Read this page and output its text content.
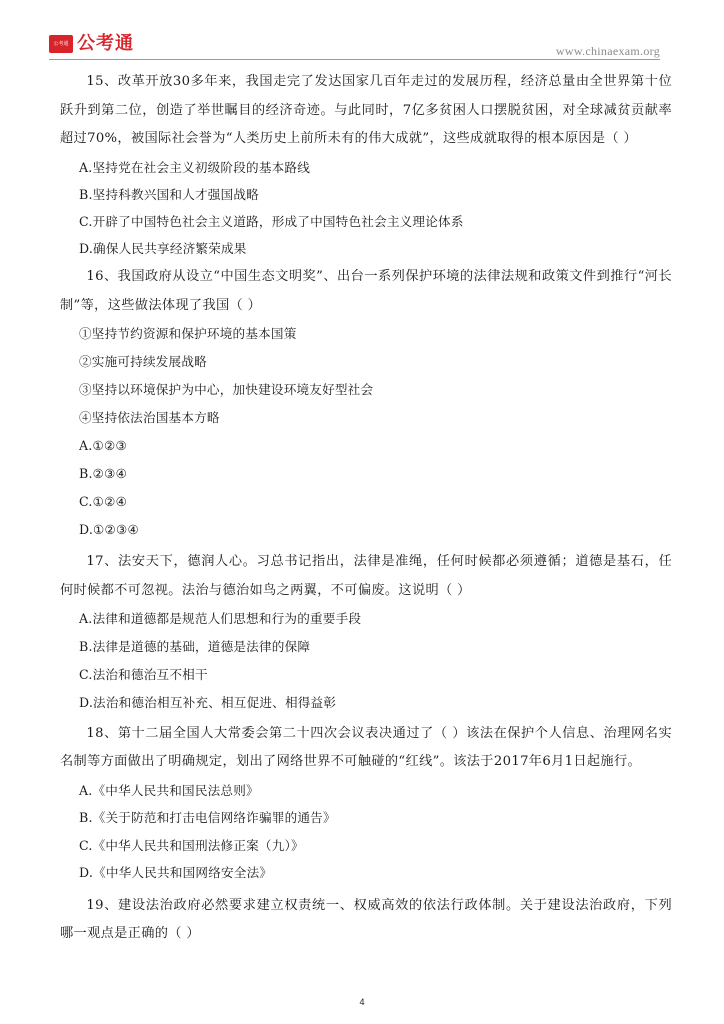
公考通 公考通	www.chinaexam.org

15、改革开放30多年来，我国走完了发达国家几百年走过的发展历程，经济总量由全世界第十位跃升到第二位，创造了举世瞩目的经济奇迹。与此同时，7亿多贫困人口摆脱贫困，对全球减贫贡献率超过70%，被国际社会誉为“人类历史上前所未有的伟大成就”，这些成就取得的根本原因是（ ）

A.坚持党在社会主义初级阶段的基本路线

B.坚持科教兴国和人才强国战略

C.开辟了中国特色社会主义道路，形成了中国特色社会主义理论体系

D.确保人民共享经济繁荣成果

16、我国政府从设立“中国生态文明奖”、出台一系列保护环境的法律法规和政策文件到推行“河长制”等，这些做法体现了我国（ ）

①坚持节约资源和保护环境的基本国策

②实施可持续发展战略

③坚持以环境保护为中心，加快建设环境友好型社会

④坚持依法治国基本方略

A.①②③

B.②③④

C.①②④

D.①②③④

17、法安天下，德润人心。习总书记指出，法律是准绳，任何时候都必须遵循；道德是基石，任何时候都不可忽视。法治与德治如鸟之两翼，不可偏废。这说明（ ）

A.法律和道德都是规范人们思想和行为的重要手段

B.法律是道德的基础，道德是法律的保障

C.法治和德治互不相干

D.法治和德治相互补充、相互促进、相得益彰

18、第十二届全国人大常委会第二十四次会议表决通过了（ ）该法在保护个人信息、治理网名实名制等方面做出了明确规定，划出了网络世界不可触碰的“红线”。该法于2017年6月1日起施行。

A.《中华人民共和国民法总则》

B.《关于防范和打击电信网络诈骗罪的通告》

C.《中华人民共和国刑法修正案（九）》

D.《中华人民共和国网络安全法》

19、建设法治政府必然要求建立权责统一、权威高效的依法行政体制。关于建设法治政府，下列哪一观点是正确的（ ）

4
